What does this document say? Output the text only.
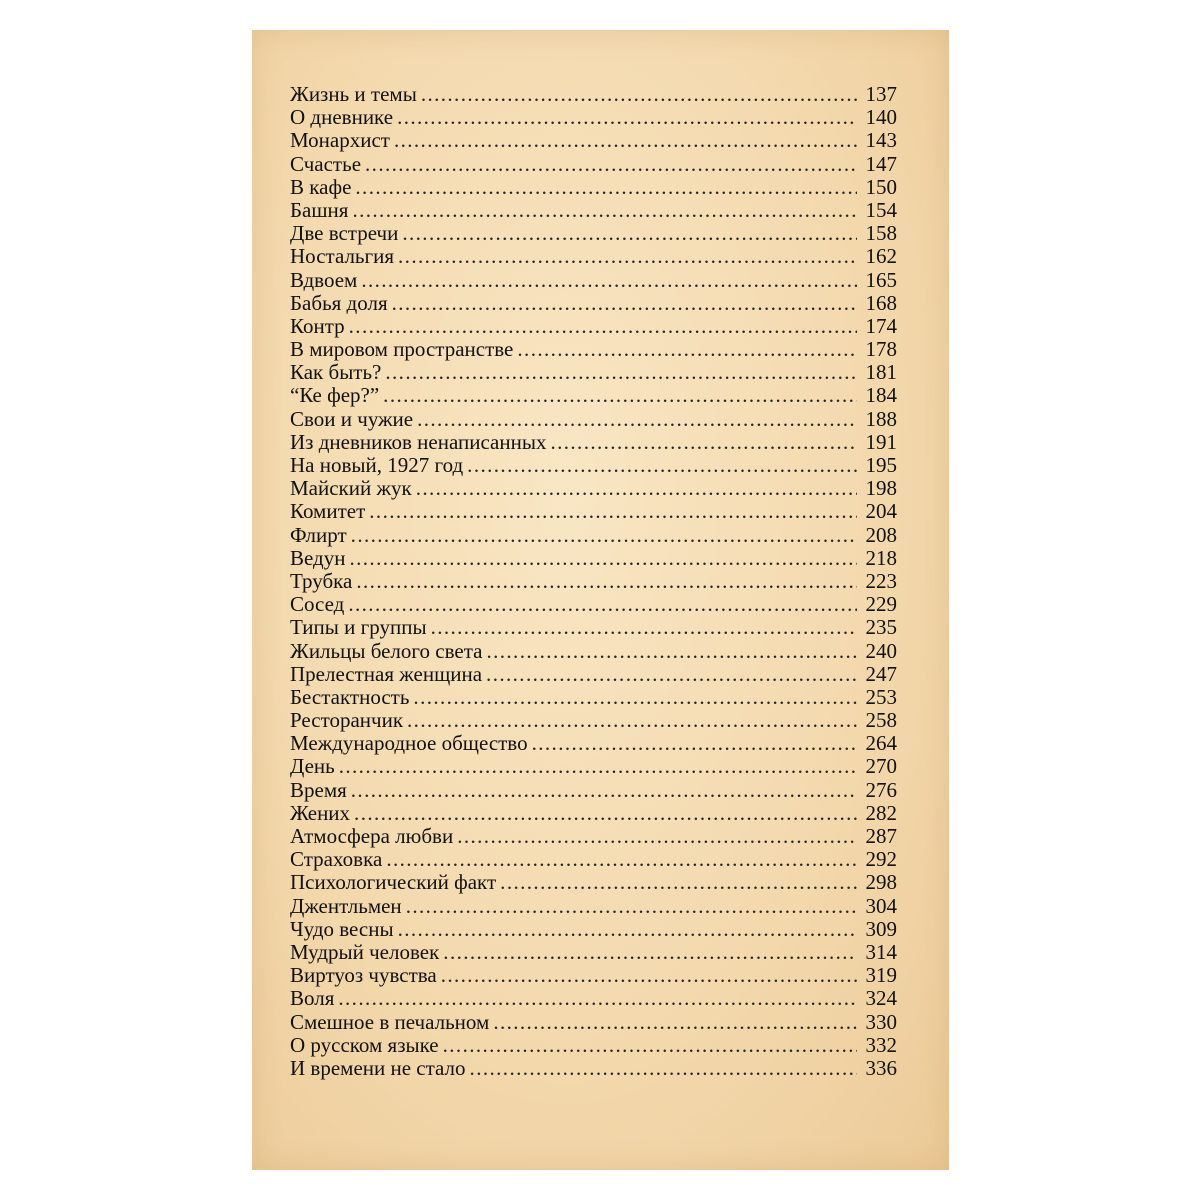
Жизнь и темы .....	137
О дневнике .....	140
Монархист .....	143
Счастье .....	147
В кафе .....	150
Башня .....	154
Две встречи .....	158
Ностальгия .....	162
Вдвоем .....	165
Бабья доля .....	168
Контр .....	174
В мировом пространстве .....	178
Как быть? .....	181
“Ке фер?” .....	184
Свои и чужие .....	188
Из дневников ненаписанных .....	191
На новый, 1927 год .....	195
Майский жук .....	198
Комитет .....	204
Флирт .....	208
Ведун .....	218
Трубка .....	223
Сосед .....	229
Типы и группы .....	235
Жильцы белого света .....	240
Прелестная женщина .....	247
Бестактность .....	253
Ресторанчик .....	258
Международное общество .....	264
День .....	270
Время .....	276
Жених .....	282
Атмосфера любви .....	287
Страховка .....	292
Психологический факт .....	298
Джентльмен .....	304
Чудо весны .....	309
Мудрый человек .....	314
Виртуоз чувства .....	319
Воля .....	324
Смешное в печальном .....	330
О русском языке .....	332
И времени не стало .....	336
